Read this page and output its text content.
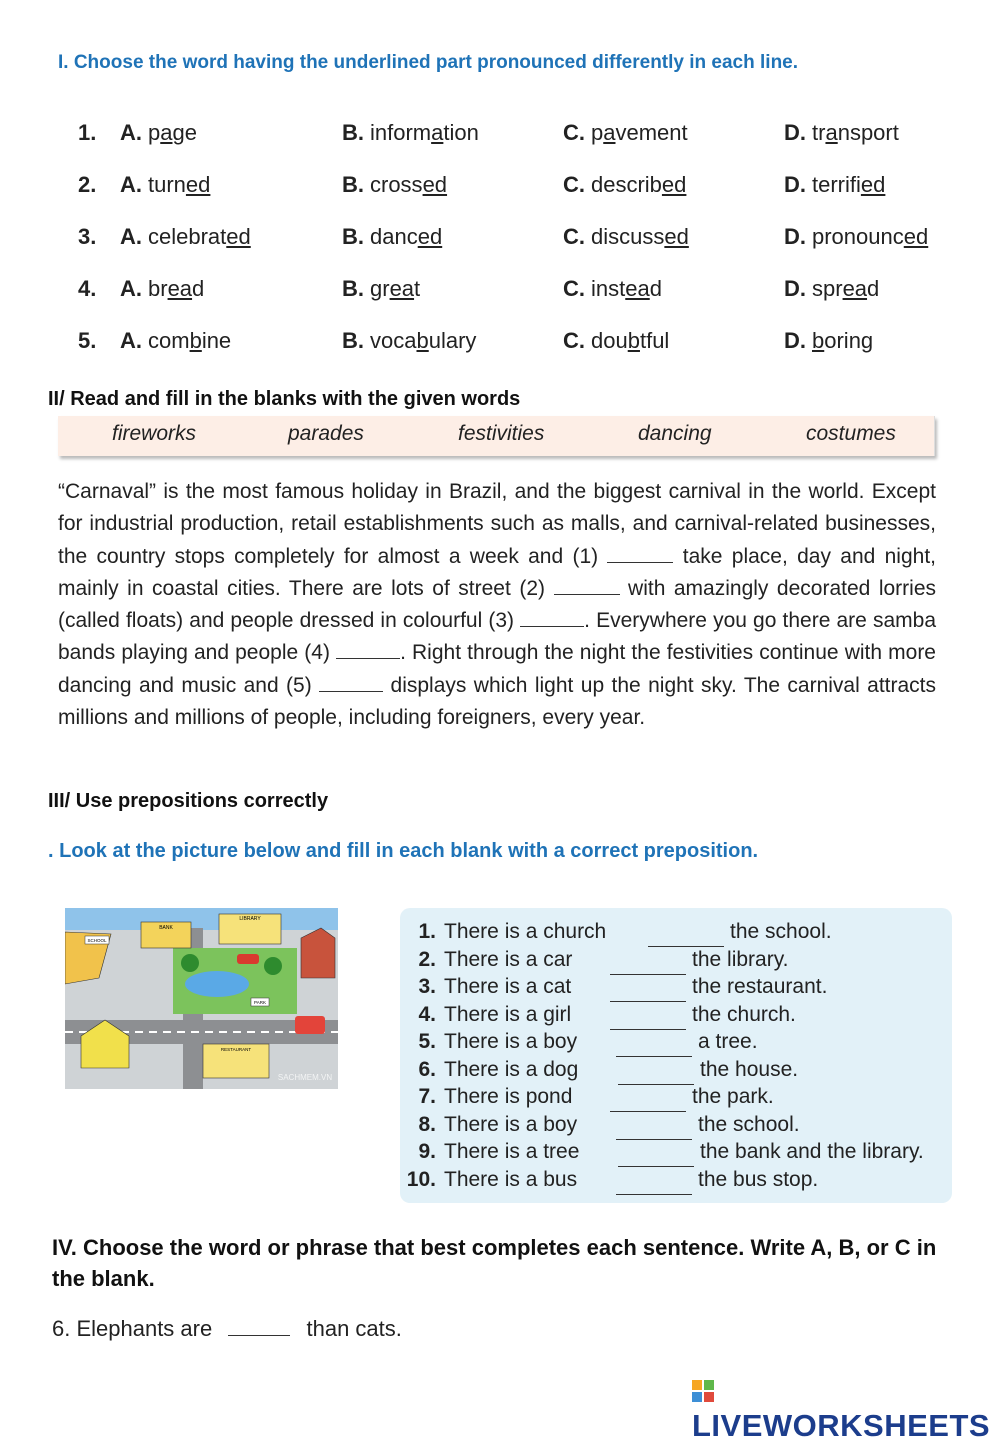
I. Choose the word having the underlined part pronounced differently in each line.
1. A. page	B. information	C. pavement	D. transport
2. A. turned	B. crossed	C. described	D. terrified
3. A. celebrated	B. danced	C. discussed	D. pronounced
4. A. bread	B. great	C. instead	D. spread
5. A. combine	B. vocabulary	C. doubtful	D. boring
II/ Read and fill in the blanks with the given words
fireworks	parades	festivities	dancing	costumes
“Carnaval” is the most famous holiday in Brazil, and the biggest carnival in the world. Except for industrial production, retail establishments such as malls, and carnival-related businesses, the country stops completely for almost a week and (1)	take place, day and night, mainly in coastal cities. There are lots of street (2)	with amazingly decorated lorries (called floats) and people dressed in colourful (3)	. Everywhere you go there are samba bands playing and people (4)	. Right through the night the festivities continue with more dancing and music and (5)	displays which light up the night sky. The carnival attracts millions and millions of people, including foreigners, every year.
III/ Use prepositions correctly
. Look at the picture below and fill in each blank with a correct preposition.
PARK
BANK
LIBRARY
SCHOOL
RESTAURANT
SACHMEM.VN
1. There is a church	the school.
2. There is a car	the library.
3. There is a cat	the restaurant.
4. There is a girl	the church.
5. There is a boy	a tree.
6. There is a dog	the house.
7. There is pond	the park.
8. There is a boy	the school.
9. There is a tree	the bank and the library.
10. There is a bus	the bus stop.
IV. Choose the word or phrase that best completes each sentence. Write A, B, or C in the blank.
6. Elephants are	than cats.
LIVEWORKSHEETS
